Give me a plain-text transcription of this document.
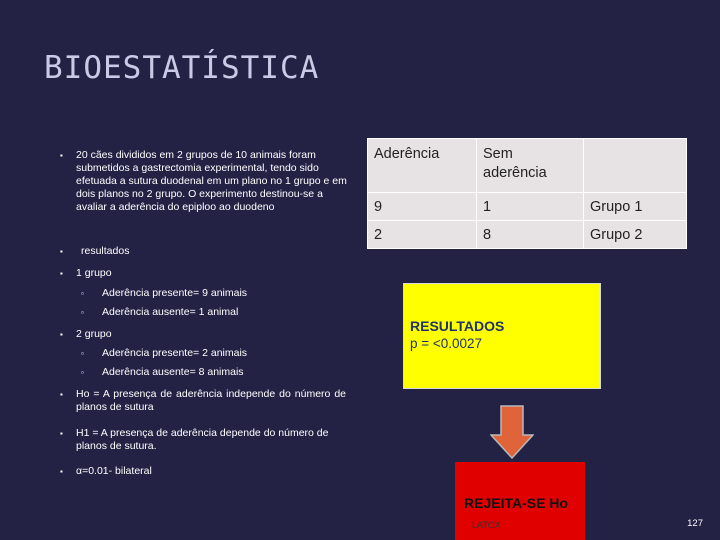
BIOESTATÍSTICA
▪ 20 cães divididos em 2 grupos de 10 animais foram submetidos a gastrectomia experimental, tendo sido efetuada a sutura duodenal em um plano no 1 grupo e em dois planos no 2 grupo. O experimento destinou-se a avaliar a aderência do epiploo ao duodeno
▪ resultados
▪ 1 grupo
▫ Aderência presente= 9 animais
▫ Aderência ausente= 1 animal
▪ 2 grupo
▫ Aderência presente= 2 animais
▫ Aderência ausente= 8 animais
▪ Ho = A presença de aderência independe do número de planos de sutura
▪ H1 = A presença de aderência depende do número de planos de sutura.
▪ α=0.01- bilateral
Aderência	Sem aderência	
9	1	Grupo 1
2	8	Grupo 2
RESULTADOS
p = <0.0027
REJEITA-SE Ho
LATOX	127
